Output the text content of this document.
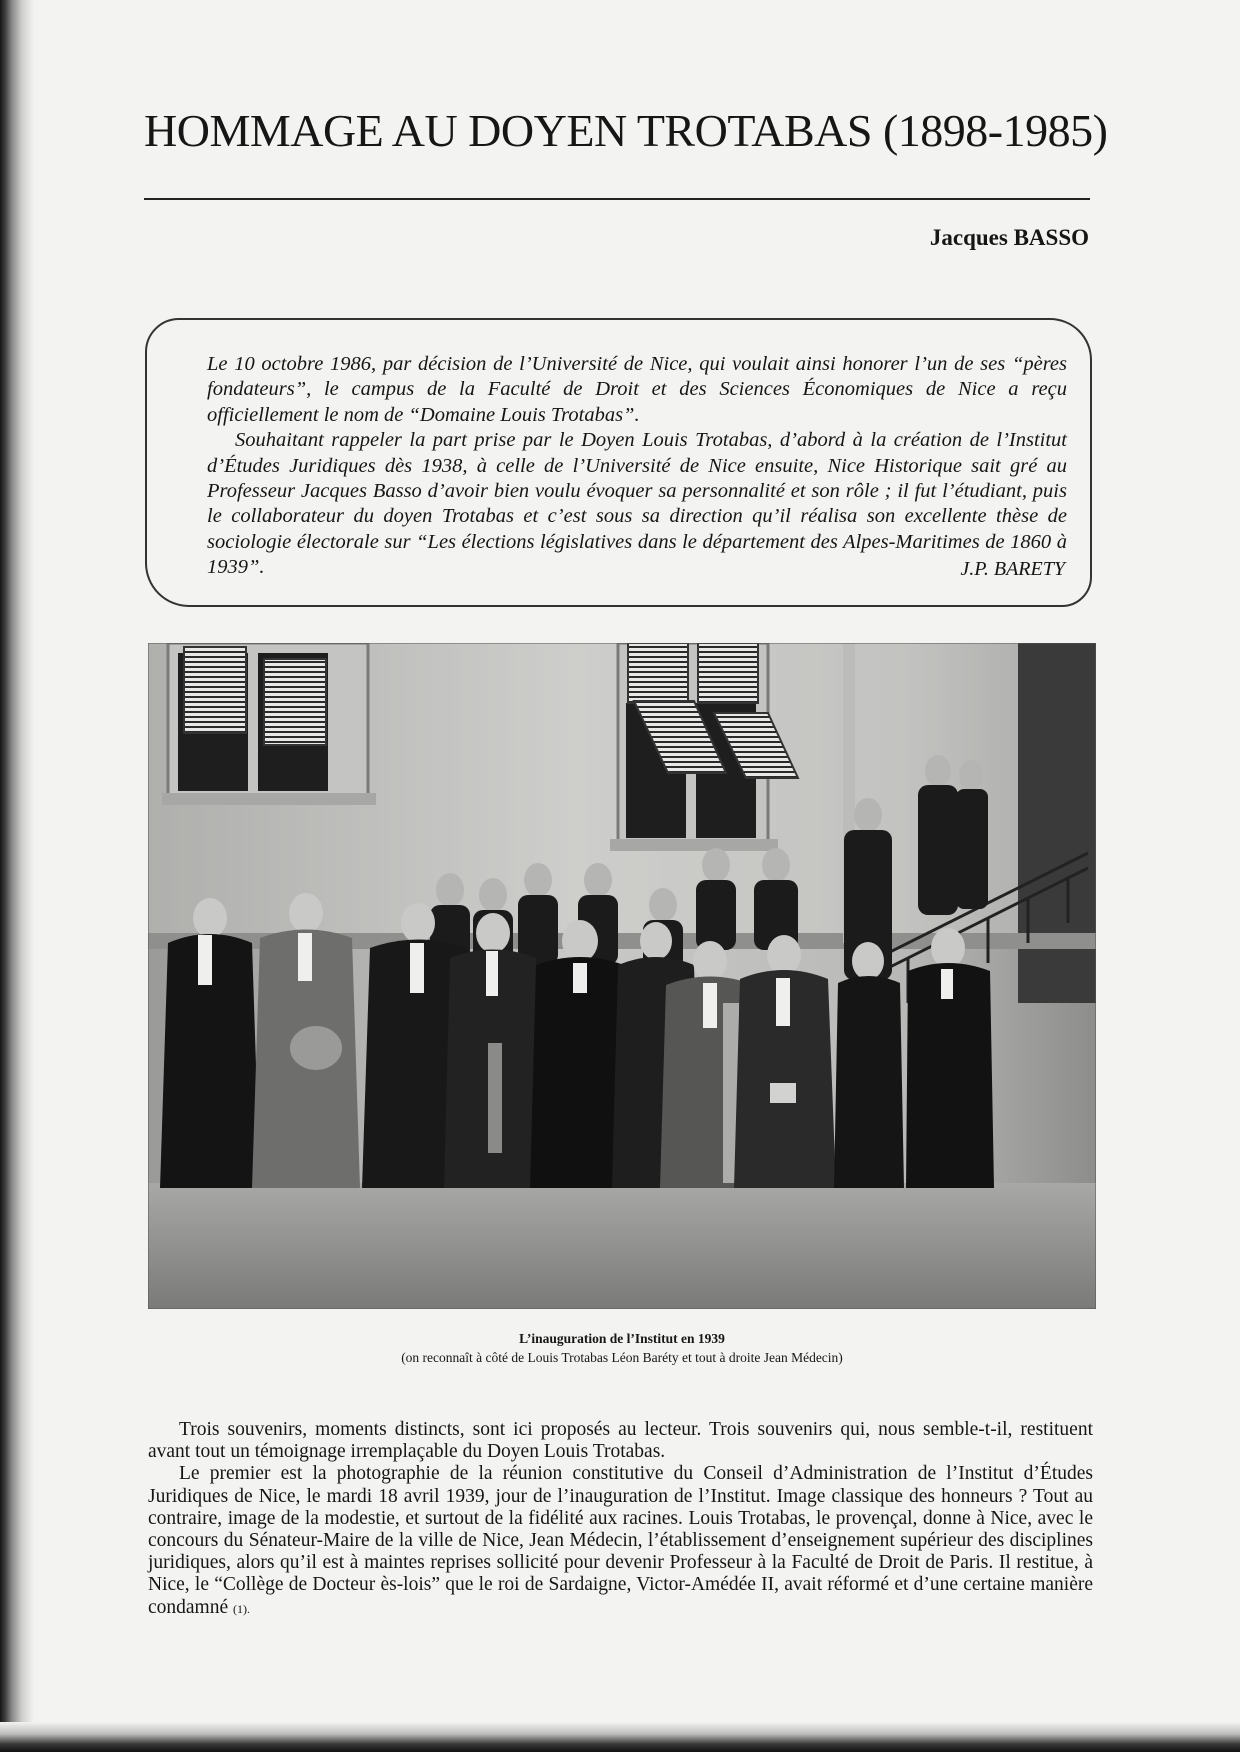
HOMMAGE AU DOYEN TROTABAS (1898-1985)
Jacques BASSO

Le 10 octobre 1986, par décision de l’Université de Nice, qui voulait ainsi honorer l’un de ses “pères fondateurs”, le campus de la Faculté de Droit et des Sciences Économiques de Nice a reçu officiellement le nom de “Domaine Louis Trotabas”.

Souhaitant rappeler la part prise par le Doyen Louis Trotabas, d’abord à la création de l’Institut d’Études Juridiques dès 1938, à celle de l’Université de Nice ensuite, Nice Historique sait gré au Professeur Jacques Basso d’avoir bien voulu évoquer sa personnalité et son rôle ; il fut l’étudiant, puis le collaborateur du doyen Trotabas et c’est sous sa direction qu’il réalisa son excellente thèse de sociologie électorale sur “Les élections législatives dans le département des Alpes-Maritimes de 1860 à 1939”.	J.P. BARETY
L’inauguration de l’Institut en 1939
(on reconnaît à côté de Louis Trotabas Léon Baréty et tout à droite Jean Médecin)

Trois souvenirs, moments distincts, sont ici proposés au lecteur. Trois souvenirs qui, nous semble-t-il, restituent avant tout un témoignage irremplaçable du Doyen Louis Trotabas.

Le premier est la photographie de la réunion constitutive du Conseil d’Administration de l’Institut d’Études Juridiques de Nice, le mardi 18 avril 1939, jour de l’inauguration de l’Institut. Image classique des honneurs ? Tout au contraire, image de la modestie, et surtout de la fidélité aux racines. Louis Trotabas, le provençal, donne à Nice, avec le concours du Sénateur-Maire de la ville de Nice, Jean Médecin, l’établissement d’enseignement supérieur des disciplines juridiques, alors qu’il est à maintes reprises sollicité pour devenir Professeur à la Faculté de Droit de Paris. Il restitue, à Nice, le “Collège de Docteur ès-lois” que le roi de Sardaigne, Victor-Amédée II, avait réformé et d’une certaine manière condamné (1).
